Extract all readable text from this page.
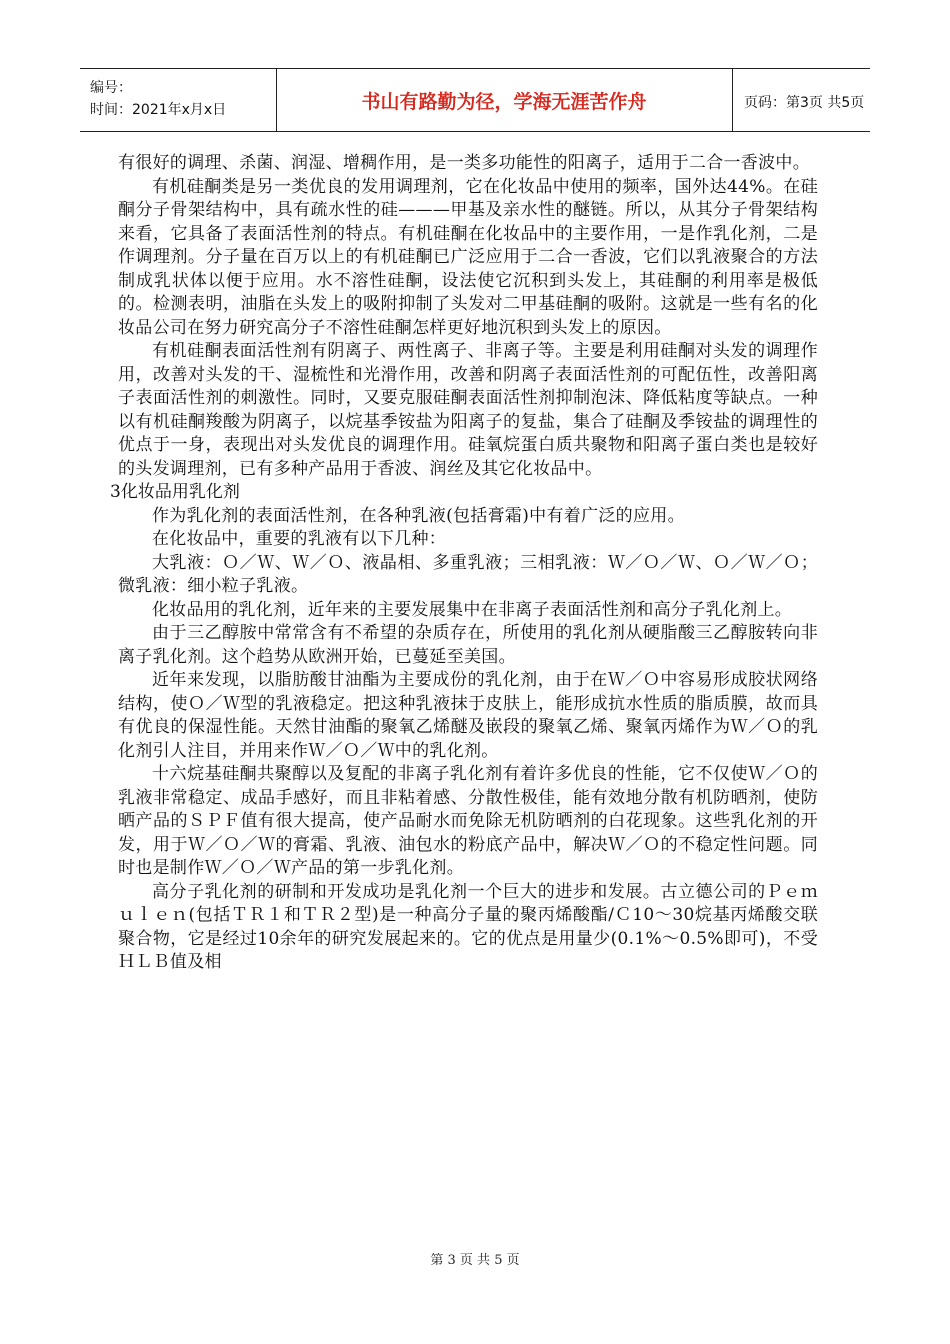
编号：
时间：2021年x月x日	书山有路勤为径，学海无涯苦作舟	页码：第3页 共5页

有很好的调理、杀菌、润湿、增稠作用，是一类多功能性的阳离子，适用于二合一香波中。

有机硅酮类是另一类优良的发用调理剂，它在化妆品中使用的频率，国外达44%。在硅酮分子骨架结构中，具有疏水性的硅———甲基及亲水性的醚链。所以，从其分子骨架结构来看，它具备了表面活性剂的特点。有机硅酮在化妆品中的主要作用，一是作乳化剂，二是作调理剂。分子量在百万以上的有机硅酮已广泛应用于二合一香波，它们以乳液聚合的方法制成乳状体以便于应用。水不溶性硅酮，设法使它沉积到头发上，其硅酮的利用率是极低的。检测表明，油脂在头发上的吸附抑制了头发对二甲基硅酮的吸附。这就是一些有名的化妆品公司在努力研究高分子不溶性硅酮怎样更好地沉积到头发上的原因。

有机硅酮表面活性剂有阴离子、两性离子、非离子等。主要是利用硅酮对头发的调理作用，改善对头发的干、湿梳性和光滑作用，改善和阴离子表面活性剂的可配伍性，改善阳离子表面活性剂的刺激性。同时，又要克服硅酮表面活性剂抑制泡沫、降低粘度等缺点。一种以有机硅酮羧酸为阴离子，以烷基季铵盐为阳离子的复盐，集合了硅酮及季铵盐的调理性的优点于一身，表现出对头发优良的调理作用。硅氧烷蛋白质共聚物和阳离子蛋白类也是较好的头发调理剂，已有多种产品用于香波、润丝及其它化妆品中。

3化妆品用乳化剂

作为乳化剂的表面活性剂，在各种乳液(包括膏霜)中有着广泛的应用。

在化妆品中，重要的乳液有以下几种：

大乳液：Ｏ／Ｗ、Ｗ／Ｏ、液晶相、多重乳液；三相乳液：Ｗ／Ｏ／Ｗ、Ｏ／Ｗ／Ｏ；微乳液：细小粒子乳液。

化妆品用的乳化剂，近年来的主要发展集中在非离子表面活性剂和高分子乳化剂上。

由于三乙醇胺中常常含有不希望的杂质存在，所使用的乳化剂从硬脂酸三乙醇胺转向非离子乳化剂。这个趋势从欧洲开始，已蔓延至美国。

近年来发现，以脂肪酸甘油酯为主要成份的乳化剂，由于在Ｗ／Ｏ中容易形成胶状网络结构，使Ｏ／Ｗ型的乳液稳定。把这种乳液抹于皮肤上，能形成抗水性质的脂质膜，故而具有优良的保湿性能。天然甘油酯的聚氧乙烯醚及嵌段的聚氧乙烯、聚氧丙烯作为Ｗ／Ｏ的乳化剂引人注目，并用来作Ｗ／Ｏ／Ｗ中的乳化剂。

十六烷基硅酮共聚醇以及复配的非离子乳化剂有着许多优良的性能，它不仅使Ｗ／Ｏ的乳液非常稳定、成品手感好，而且非粘着感、分散性极佳，能有效地分散有机防晒剂，使防晒产品的ＳＰＦ值有很大提高，使产品耐水而免除无机防晒剂的白花现象。这些乳化剂的开发，用于Ｗ／Ｏ／Ｗ的膏霜、乳液、油包水的粉底产品中，解决Ｗ／Ｏ的不稳定性问题。同时也是制作Ｗ／Ｏ／Ｗ产品的第一步乳化剂。

高分子乳化剂的研制和开发成功是乳化剂一个巨大的进步和发展。古立德公司的Ｐｅｍｕｌｅｎ(包括ＴＲ１和ＴＲ２型)是一种高分子量的聚丙烯酸酯/Ｃ10～30烷基丙烯酸交联聚合物，它是经过10余年的研究发展起来的。它的优点是用量少(0.1%～0.5%即可)，不受ＨＬＢ值及相

第 3 页 共 5 页
